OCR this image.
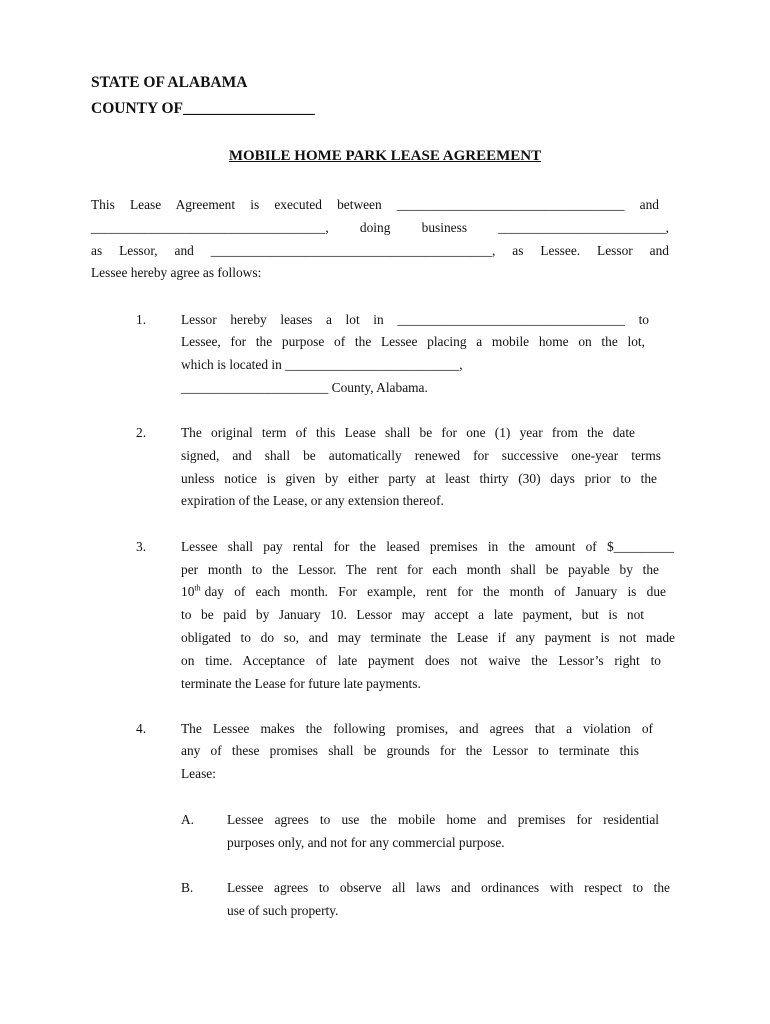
STATE OF ALABAMA
COUNTY OF_________________
MOBILE HOME PARK LEASE AGREEMENT
This Lease Agreement is executed between __________________________________ and
___________________________________, doing business _________________________,
as Lessor, and __________________________________________, as Lessee. Lessor and
Lessee hereby agree as follows:
1.	Lessor hereby leases a lot in __________________________________ to
Lessee, for the purpose of the Lessee placing a mobile home on the lot,
which is located in __________________________,
______________________ County, Alabama.
2.	The original term of this Lease shall be for one (1) year from the date
signed, and shall be automatically renewed for successive one-year terms
unless notice is given by either party at least thirty (30) days prior to the
expiration of the Lease, or any extension thereof.
3.	Lessee shall pay rental for the leased premises in the amount of $_________
per month to the Lessor. The rent for each month shall be payable by the
10th day of each month. For example, rent for the month of January is due
to be paid by January 10. Lessor may accept a late payment, but is not
obligated to do so, and may terminate the Lease if any payment is not made
on time. Acceptance of late payment does not waive the Lessor’s right to
terminate the Lease for future late payments.
4.	The Lessee makes the following promises, and agrees that a violation of
any of these promises shall be grounds for the Lessor to terminate this
Lease:
A. Lessee agrees to use the mobile home and premises for residential
purposes only, and not for any commercial purpose.
B.	Lessee agrees to observe all laws and ordinances with respect to the
use of such property.
